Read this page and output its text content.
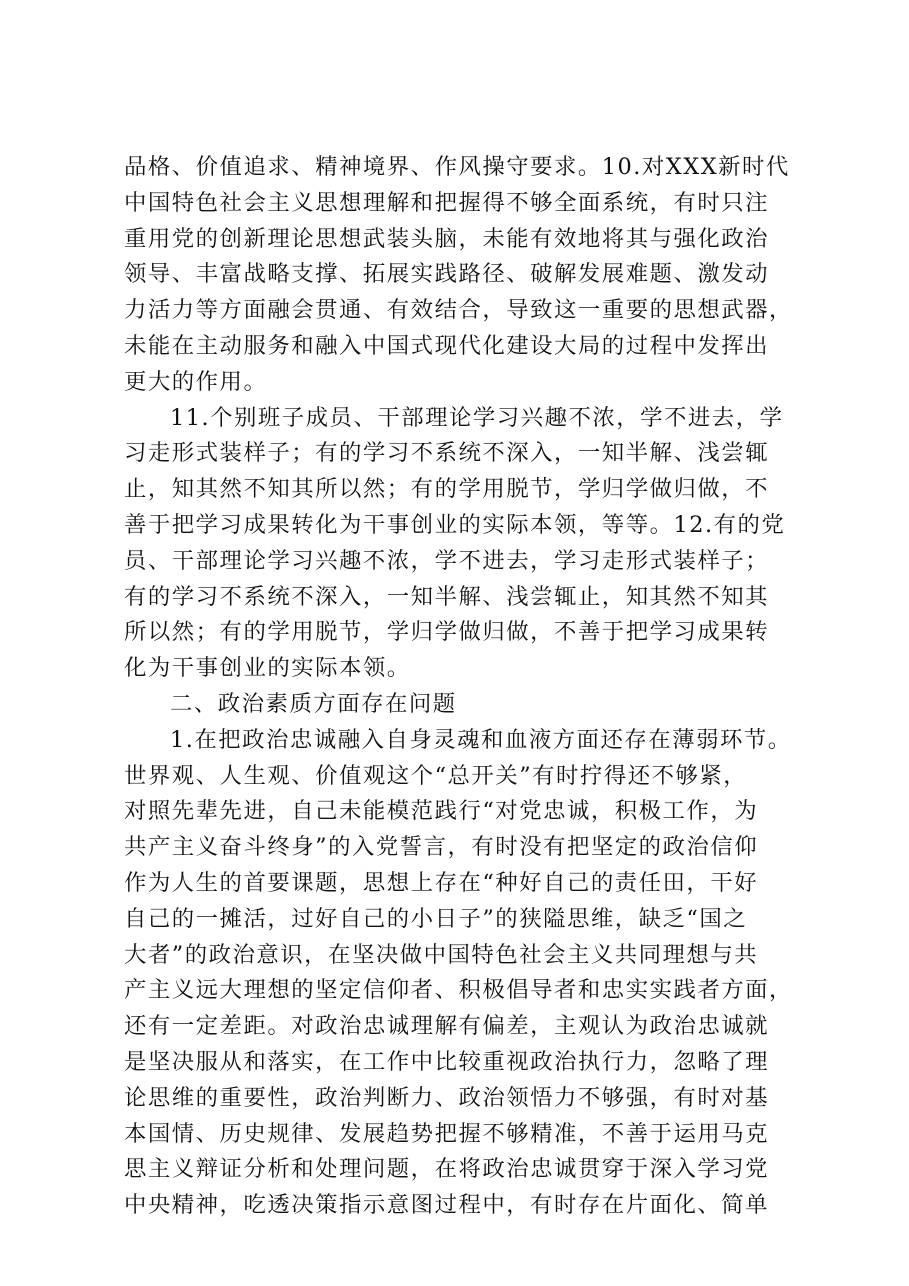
品格、价值追求、精神境界、作风操守要求。10.对XXX新时代
中国特色社会主义思想理解和把握得不够全面系统，有时只注
重用党的创新理论思想武装头脑，未能有效地将其与强化政治
领导、丰富战略支撑、拓展实践路径、破解发展难题、激发动
力活力等方面融会贯通、有效结合，导致这一重要的思想武器，
未能在主动服务和融入中国式现代化建设大局的过程中发挥出
更大的作用。
11.个别班子成员、干部理论学习兴趣不浓，学不进去，学
习走形式装样子；有的学习不系统不深入，一知半解、浅尝辄
止，知其然不知其所以然；有的学用脱节，学归学做归做，不
善于把学习成果转化为干事创业的实际本领，等等。12.有的党
员、干部理论学习兴趣不浓，学不进去，学习走形式装样子；
有的学习不系统不深入，一知半解、浅尝辄止，知其然不知其
所以然；有的学用脱节，学归学做归做，不善于把学习成果转
化为干事创业的实际本领。
二、政治素质方面存在问题
1.在把政治忠诚融入自身灵魂和血液方面还存在薄弱环节。
世界观、人生观、价值观这个“总开关”有时拧得还不够紧，
对照先辈先进，自己未能模范践行“对党忠诚，积极工作，为
共产主义奋斗终身”的入党誓言，有时没有把坚定的政治信仰
作为人生的首要课题，思想上存在“种好自己的责任田，干好
自己的一摊活，过好自己的小日子”的狭隘思维，缺乏“国之
大者”的政治意识，在坚决做中国特色社会主义共同理想与共
产主义远大理想的坚定信仰者、积极倡导者和忠实实践者方面，
还有一定差距。对政治忠诚理解有偏差，主观认为政治忠诚就
是坚决服从和落实，在工作中比较重视政治执行力，忽略了理
论思维的重要性，政治判断力、政治领悟力不够强，有时对基
本国情、历史规律、发展趋势把握不够精准，不善于运用马克
思主义辩证分析和处理问题，在将政治忠诚贯穿于深入学习党
中央精神，吃透决策指示意图过程中，有时存在片面化、简单
